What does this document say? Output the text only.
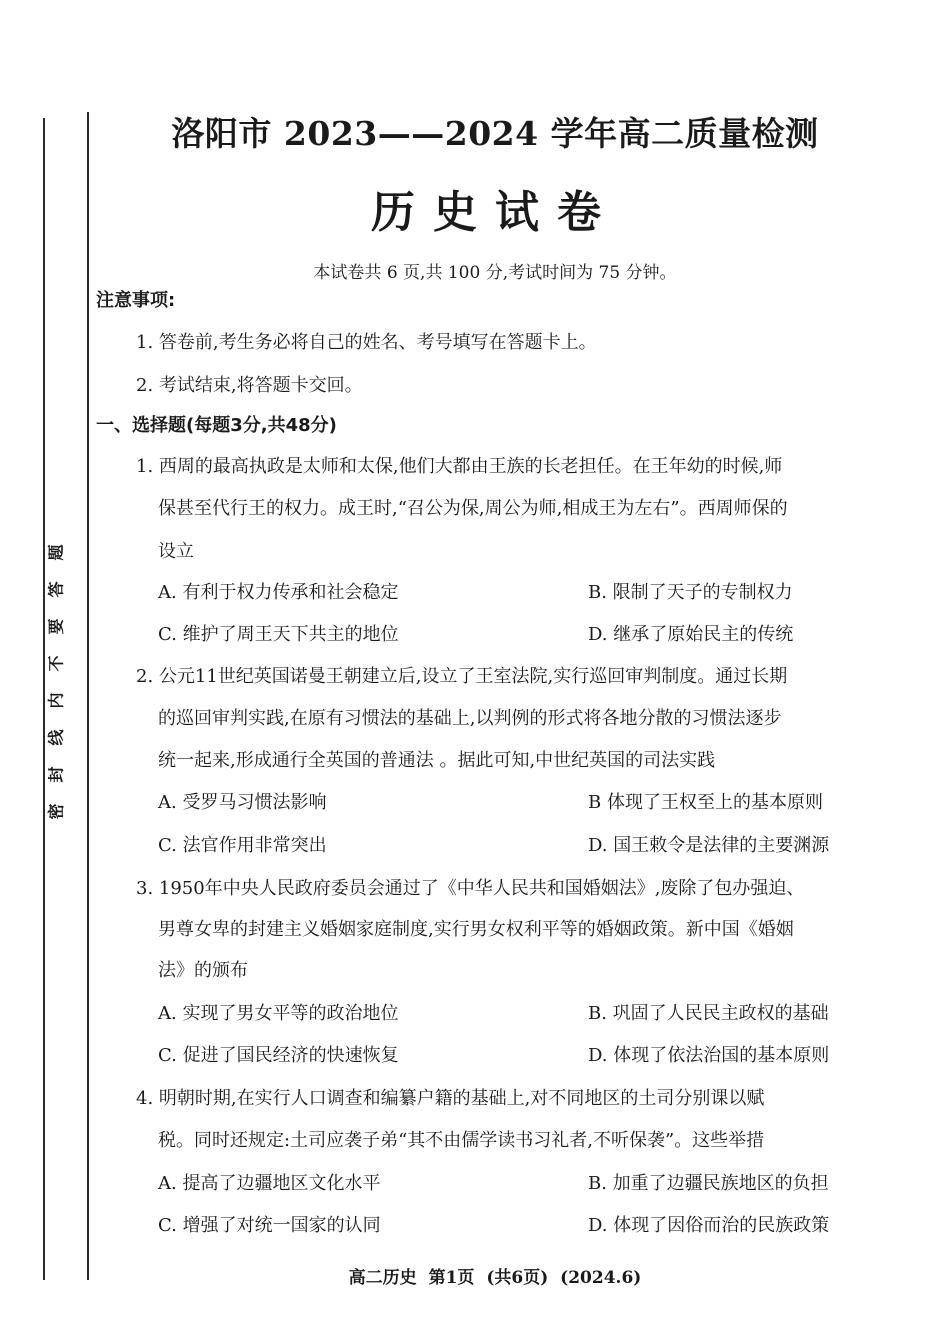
题
答
要
不
内
线
封
密
洛阳市 2023——2024 学年高二质量检测
历史试卷
本试卷共 6 页,共 100 分,考试时间为 75 分钟。
注意事项:
1. 答卷前,考生务必将自己的姓名、考号填写在答题卡上。
2. 考试结束,将答题卡交回。
一、选择题(每题3分,共48分)
1. 西周的最高执政是太师和太保,他们大都由王族的长老担任。在王年幼的时候,师
保甚至代行王的权力。成王时,“召公为保,周公为师,相成王为左右”。西周师保的
设立
A. 有利于权力传承和社会稳定	B. 限制了天子的专制权力
C. 维护了周王天下共主的地位	D. 继承了原始民主的传统
2. 公元11世纪英国诺曼王朝建立后,设立了王室法院,实行巡回审判制度。通过长期
的巡回审判实践,在原有习惯法的基础上,以判例的形式将各地分散的习惯法逐步
统一起来,形成通行全英国的普通法 。据此可知,中世纪英国的司法实践
A. 受罗马习惯法影响	B 体现了王权至上的基本原则
C. 法官作用非常突出	D. 国王敕令是法律的主要渊源
3. 1950年中央人民政府委员会通过了《中华人民共和国婚姻法》,废除了包办强迫、
男尊女卑的封建主义婚姻家庭制度,实行男女权利平等的婚姻政策。新中国《婚姻
法》的颁布
A. 实现了男女平等的政治地位	B. 巩固了人民民主政权的基础
C. 促进了国民经济的快速恢复	D. 体现了依法治国的基本原则
4. 明朝时期,在实行人口调查和编纂户籍的基础上,对不同地区的土司分别课以赋
税。同时还规定:土司应袭子弟“其不由儒学读书习礼者,不听保袭”。这些举措
A. 提高了边疆地区文化水平	B. 加重了边疆民族地区的负担
C. 增强了对统一国家的认同	D. 体现了因俗而治的民族政策
高二历史 第1页 (共6页) (2024.6)
